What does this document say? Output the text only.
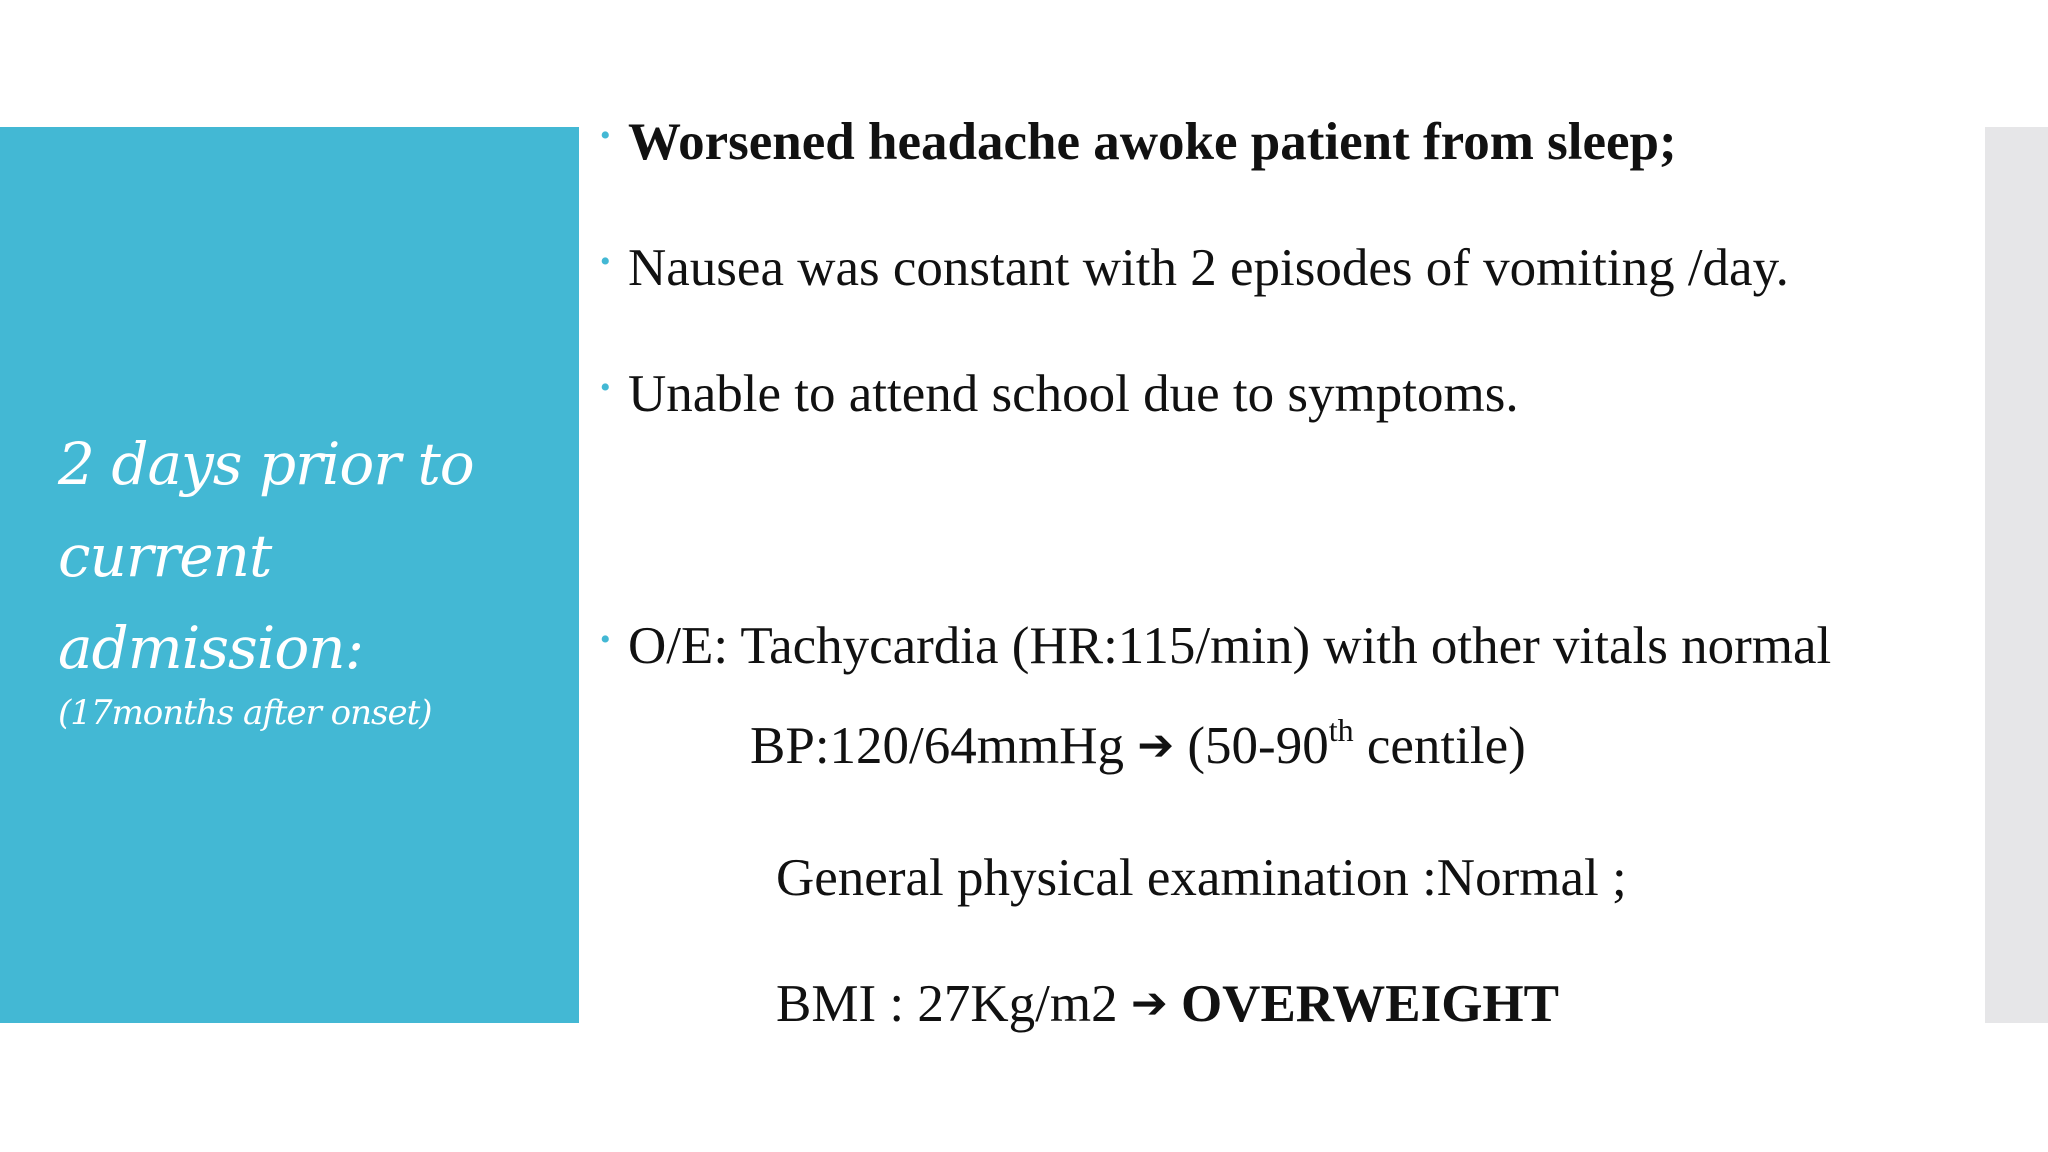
2 days prior to
current
admission:
(17months after onset)
• Worsened headache awoke patient from sleep;
• Nausea was constant with 2 episodes of vomiting /day.
• Unable to attend school due to symptoms.
• O/E: Tachycardia (HR:115/min) with other vitals normal
BP:120/64mmHg ➔ (50-90th centile)
General physical examination :Normal ;
BMI : 27Kg/m2 ➔ OVERWEIGHT
